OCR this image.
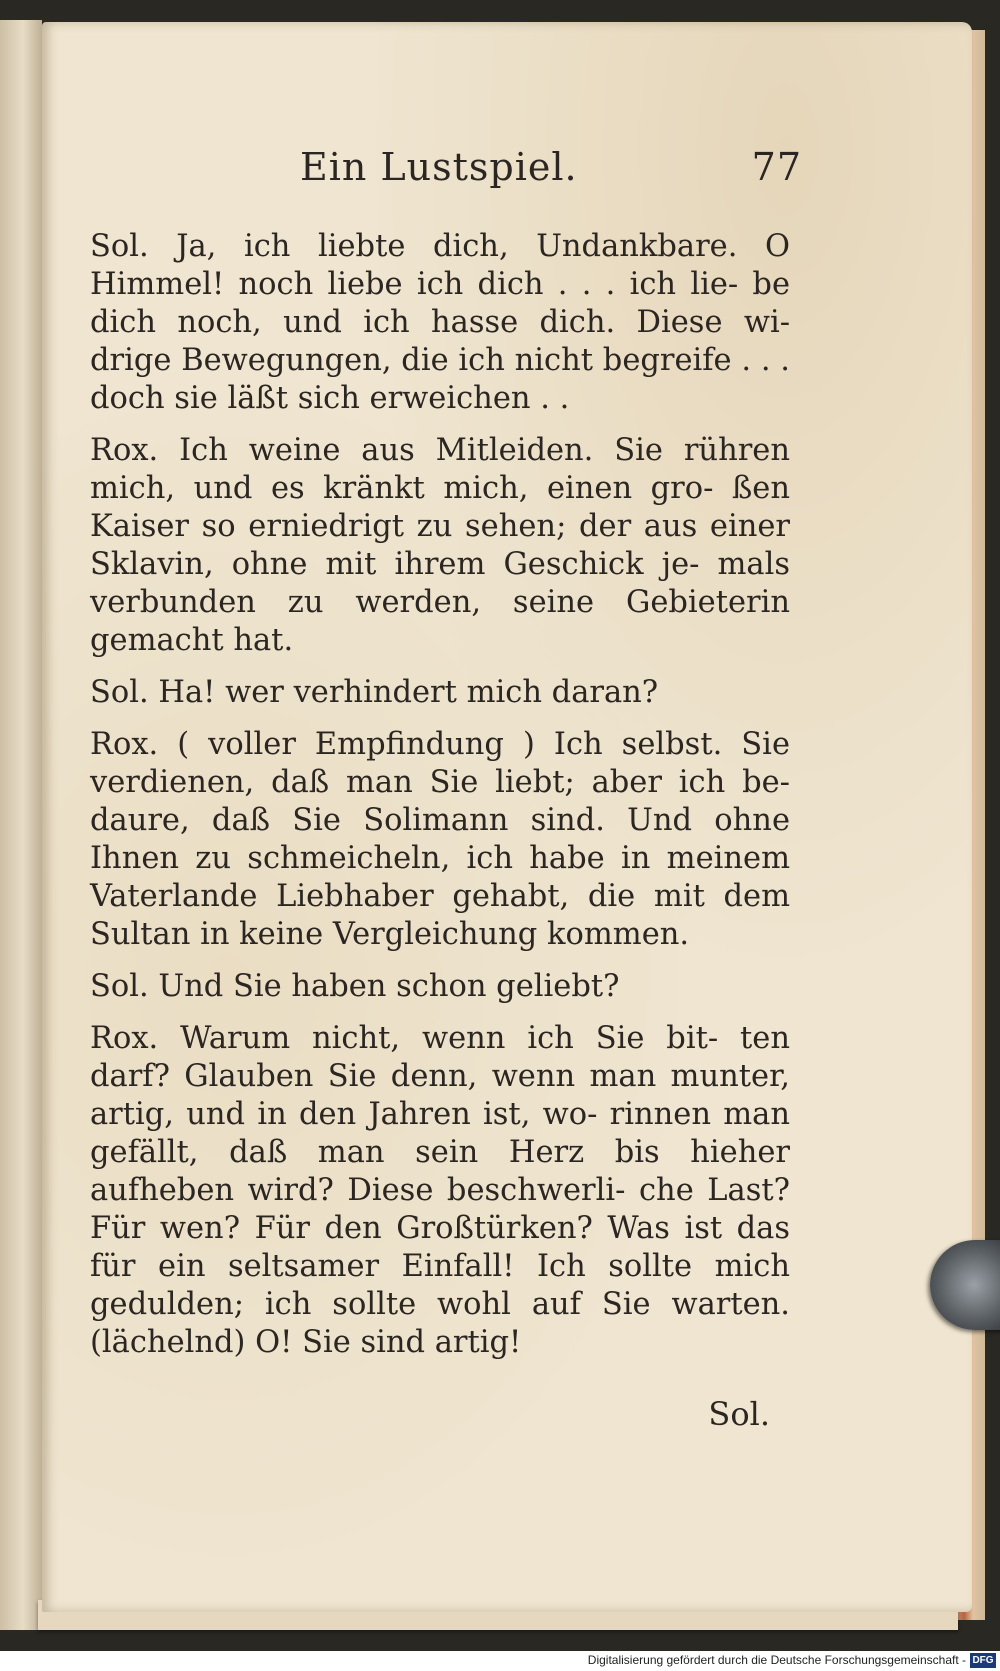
Ein Lustspiel.	77

Sol. Ja, ich liebte dich, Undankbare. O Himmel! noch liebe ich dich . . . ich lie- be dich noch, und ich hasse dich. Diese wi- drige Bewegungen, die ich nicht begreife . . . doch sie läßt sich erweichen . .

Rox. Ich weine aus Mitleiden. Sie rühren mich, und es kränkt mich, einen gro- ßen Kaiser so erniedrigt zu sehen; der aus einer Sklavin, ohne mit ihrem Geschick je- mals verbunden zu werden, seine Gebieterin gemacht hat.

Sol. Ha! wer verhindert mich daran?

Rox. ( voller Empfindung ) Ich selbst. Sie verdienen, daß man Sie liebt; aber ich be- daure, daß Sie Solimann sind. Und ohne Ihnen zu schmeicheln, ich habe in meinem Vaterlande Liebhaber gehabt, die mit dem Sultan in keine Vergleichung kommen.

Sol. Und Sie haben schon geliebt?

Rox. Warum nicht, wenn ich Sie bit- ten darf? Glauben Sie denn, wenn man munter, artig, und in den Jahren ist, wo- rinnen man gefällt, daß man sein Herz bis hieher aufheben wird? Diese beschwerli- che Last? Für wen? Für den Großtürken? Was ist das für ein seltsamer Einfall! Ich sollte mich gedulden; ich sollte wohl auf Sie warten. (lächelnd) O! Sie sind artig!

Sol.
Digitalisierung gefördert durch die Deutsche Forschungsgemeinschaft - DFG
